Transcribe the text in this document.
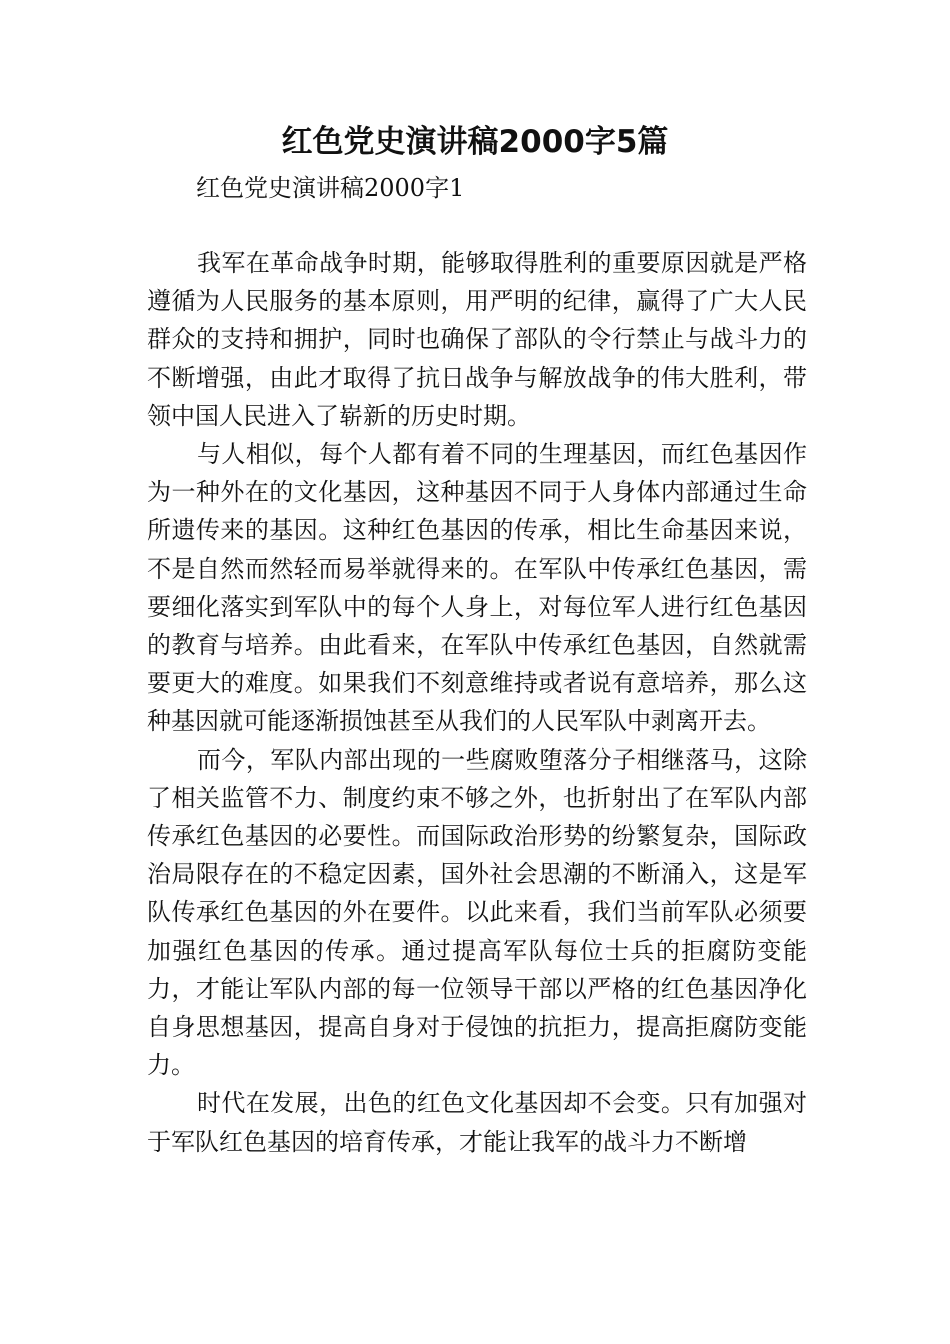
红色党史演讲稿2000字5篇

红色党史演讲稿2000字1

我军在革命战争时期，能够取得胜利的重要原因就是严格遵循为人民服务的基本原则，用严明的纪律，赢得了广大人民群众的支持和拥护，同时也确保了部队的令行禁止与战斗力的不断增强，由此才取得了抗日战争与解放战争的伟大胜利，带领中国人民进入了崭新的历史时期。

与人相似，每个人都有着不同的生理基因，而红色基因作为一种外在的文化基因，这种基因不同于人身体内部通过生命所遗传来的基因。这种红色基因的传承，相比生命基因来说，不是自然而然轻而易举就得来的。在军队中传承红色基因，需要细化落实到军队中的每个人身上，对每位军人进行红色基因的教育与培养。由此看来，在军队中传承红色基因，自然就需要更大的难度。如果我们不刻意维持或者说有意培养，那么这种基因就可能逐渐损蚀甚至从我们的人民军队中剥离开去。

而今，军队内部出现的一些腐败堕落分子相继落马，这除了相关监管不力、制度约束不够之外，也折射出了在军队内部传承红色基因的必要性。而国际政治形势的纷繁复杂，国际政治局限存在的不稳定因素，国外社会思潮的不断涌入，这是军队传承红色基因的外在要件。以此来看，我们当前军队必须要加强红色基因的传承。通过提高军队每位士兵的拒腐防变能力，才能让军队内部的每一位领导干部以严格的红色基因净化自身思想基因，提高自身对于侵蚀的抗拒力，提高拒腐防变能力。

时代在发展，出色的红色文化基因却不会变。只有加强对于军队红色基因的培育传承，才能让我军的战斗力不断增
